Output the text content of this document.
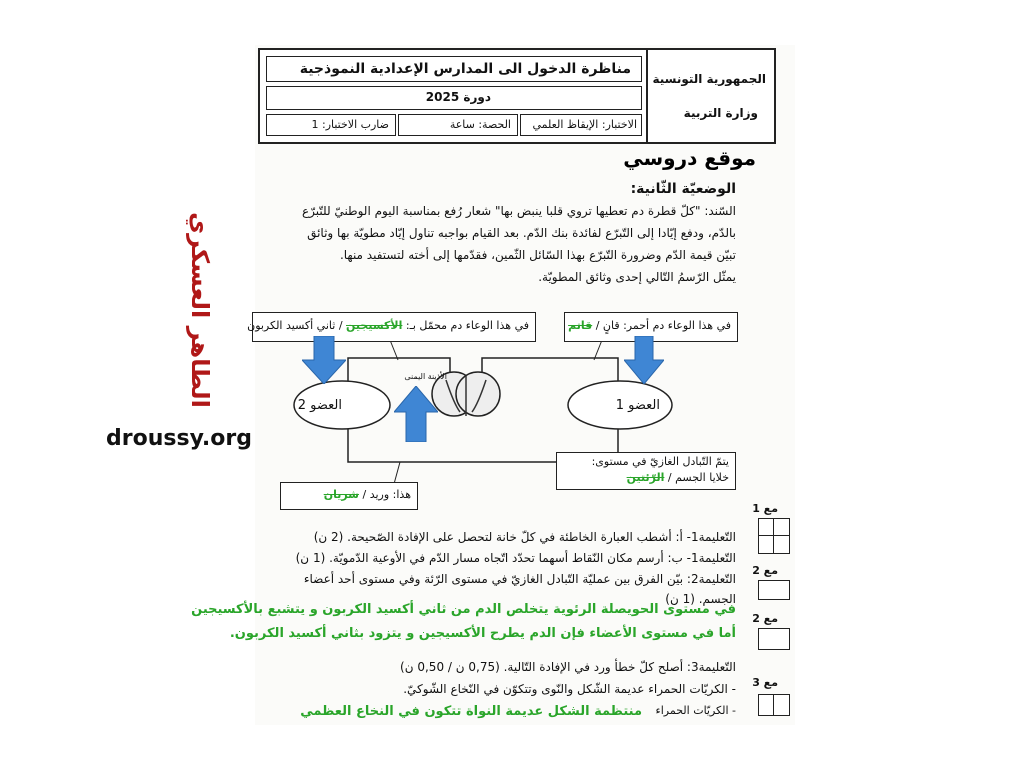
مناظرة الدخول الى المدارس الإعدادية النموذجية
دورة 2025
ضارب الاختبار: 1	الحصة: ساعة الاختبار: الإيقاظ العلمي
الجمهورية التونسية
وزارة التربية
موقع دروسي
الطاهر العسكري
droussy.org
الوضعيّة الثّانية:
السّند: "كلّ قطرة دم تعطيها تروي قلبا ينبض بها" شعار رُفع بمناسبة اليوم الوطنيّ للتّبرّع
بالدّم، ودفع إيّادا إلى التّبرّع لفائدة بنك الدّم. بعد القيام بواجبه تناول إيّاد مطويّة بها وثائق
تبيّن قيمة الدّم وضرورة التّبرّع بهذا السّائل الثّمين، فقدّمها إلى أخته لتستفيد منها.
يمثّل الرّسمُ التّالي إحدى وثائق المطويّة.
في هذا الوعاء دم محمّل بـ: الأكسيجين / ثاني أكسيد الكربون	في هذا الوعاء دم أحمر: قانٍ / قاتم
العضو 2	العضو 1
الأذينة اليمنى
يتمّ التّبادل الغازيّ في مستوى:
خلايا الجسم / الرّئتين
هذا: وريد / شريان
مع 1
مع 2
مع 2
مع 3
التّعليمة1- أ: أشطب العبارة الخاطئة في كلّ خانة لتحصل على الإفادة الصّحيحة. (2 ن)
التّعليمة1- ب: أرسم مكان النّقاط أسهما تحدّد اتّجاه مسار الدّم في الأوعية الدّمويّة. (1 ن)
التّعليمة2: بيّن الفرق بين عمليّة التّبادل الغازيّ في مستوى الرّئة وفي مستوى أحد أعضاء
الجسم. (1 ن)
في مستوى الحويصلة الرئوية يتخلص الدم من ثاني أكسيد الكربون و يتشبع بالأكسيجين
أما في مستوى الأعضاء فإن الدم يطرح الأكسيجين و يتزود بثاني أكسيد الكربون.
التّعليمة3: أصلح كلّ خطأ ورد في الإفادة التّالية. (0,75 ن / 0,50 ن)
- الكريّات الحمراء عديمة الشّكل والنّوى وتتكوّن في النّخاع الشّوكيّ.
- الكريّات الحمراء
منتظمة الشكل عديمة النواة تتكون في النخاع العظمي
